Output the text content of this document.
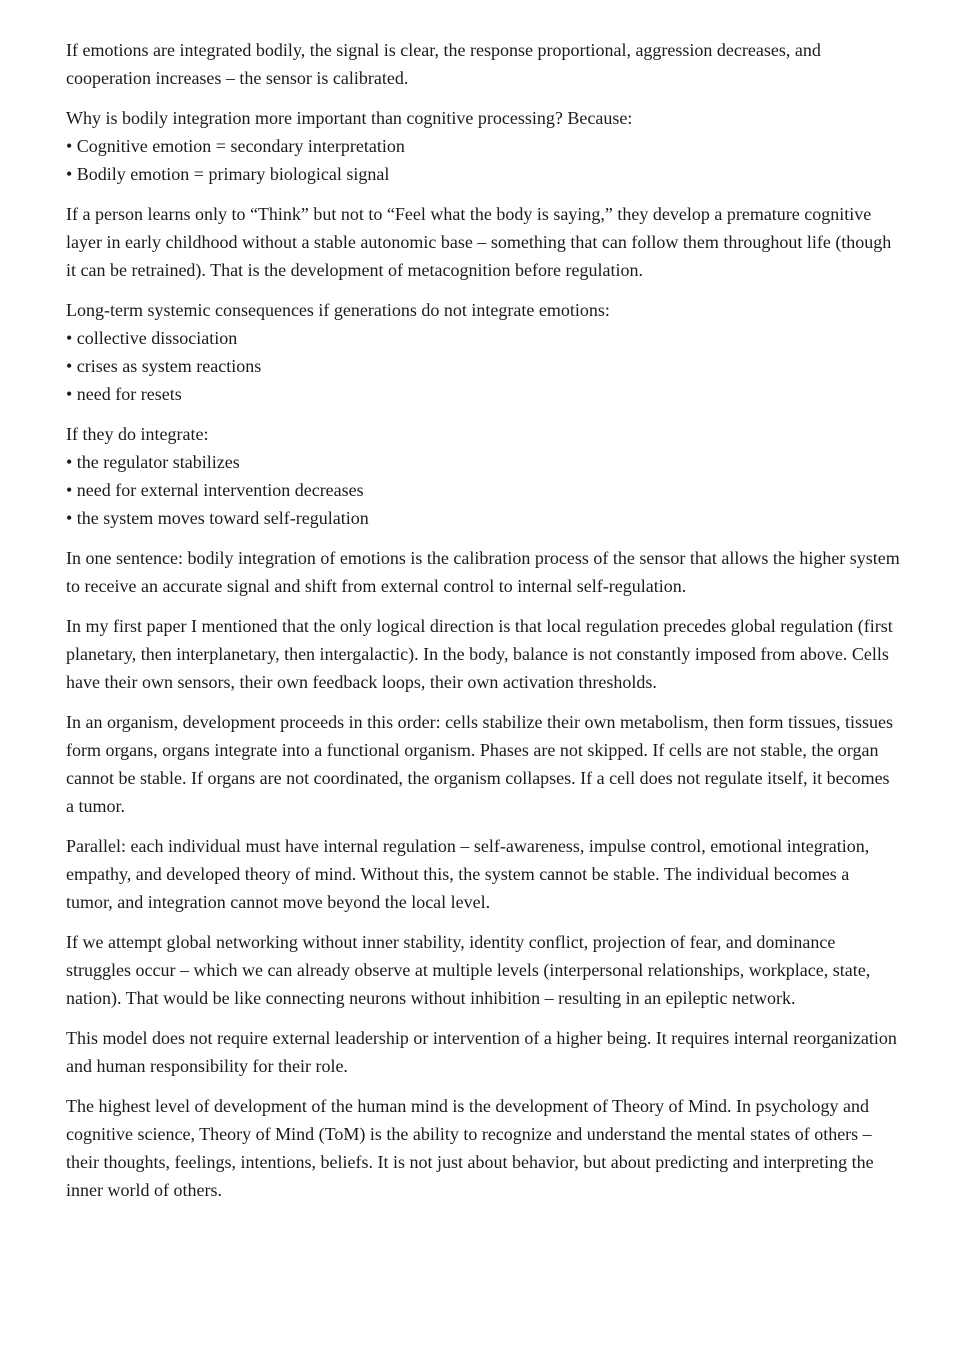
If emotions are integrated bodily, the signal is clear, the response proportional, aggression decreases, and cooperation increases – the sensor is calibrated.

Why is bodily integration more important than cognitive processing? Because:
• Cognitive emotion = secondary interpretation
• Bodily emotion = primary biological signal

If a person learns only to “Think” but not to “Feel what the body is saying,” they develop a premature cognitive layer in early childhood without a stable autonomic base – something that can follow them throughout life (though it can be retrained). That is the development of metacognition before regulation.

Long-term systemic consequences if generations do not integrate emotions:
• collective dissociation
• crises as system reactions
• need for resets

If they do integrate:
• the regulator stabilizes
• need for external intervention decreases
• the system moves toward self-regulation

In one sentence: bodily integration of emotions is the calibration process of the sensor that allows the higher system to receive an accurate signal and shift from external control to internal self-regulation.

In my first paper I mentioned that the only logical direction is that local regulation precedes global regulation (first planetary, then interplanetary, then intergalactic). In the body, balance is not constantly imposed from above. Cells have their own sensors, their own feedback loops, their own activation thresholds.

In an organism, development proceeds in this order: cells stabilize their own metabolism, then form tissues, tissues form organs, organs integrate into a functional organism. Phases are not skipped. If cells are not stable, the organ cannot be stable. If organs are not coordinated, the organism collapses. If a cell does not regulate itself, it becomes a tumor.

Parallel: each individual must have internal regulation – self-awareness, impulse control, emotional integration, empathy, and developed theory of mind. Without this, the system cannot be stable. The individual becomes a tumor, and integration cannot move beyond the local level.

If we attempt global networking without inner stability, identity conflict, projection of fear, and dominance struggles occur – which we can already observe at multiple levels (interpersonal relationships, workplace, state, nation). That would be like connecting neurons without inhibition – resulting in an epileptic network.

This model does not require external leadership or intervention of a higher being. It requires internal reorganization and human responsibility for their role.

The highest level of development of the human mind is the development of Theory of Mind. In psychology and cognitive science, Theory of Mind (ToM) is the ability to recognize and understand the mental states of others – their thoughts, feelings, intentions, beliefs. It is not just about behavior, but about predicting and interpreting the inner world of others.
